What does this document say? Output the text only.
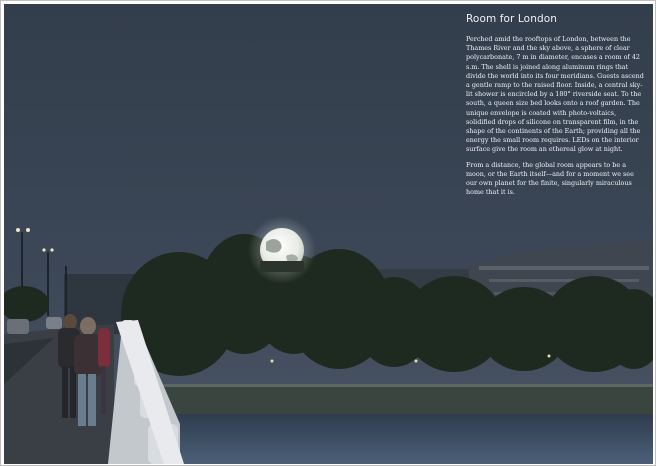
Room for London

Perched amid the rooftops of London, between the Thames River and the sky above, a sphere of clear polycarbonate, 7 m in diameter, encases a room of 42 s.m. The shell is joined along aluminum rings that divide the world into its four meridians. Guests ascend a gentle ramp to the raised floor. Inside, a central sky-lit shower is encircled by a 180° riverside seat. To the south, a queen size bed looks onto a roof garden. The unique envelope is coated with photo-voltaics, solidified drops of silicone on transparent film, in the shape of the continents of the Earth; providing all the energy the small room requires. LEDs on the interior surface give the room an ethereal glow at night.

From a distance, the global room appears to be a moon, or the Earth itself—and for a moment we see our own planet for the finite, singularly miraculous home that it is.
